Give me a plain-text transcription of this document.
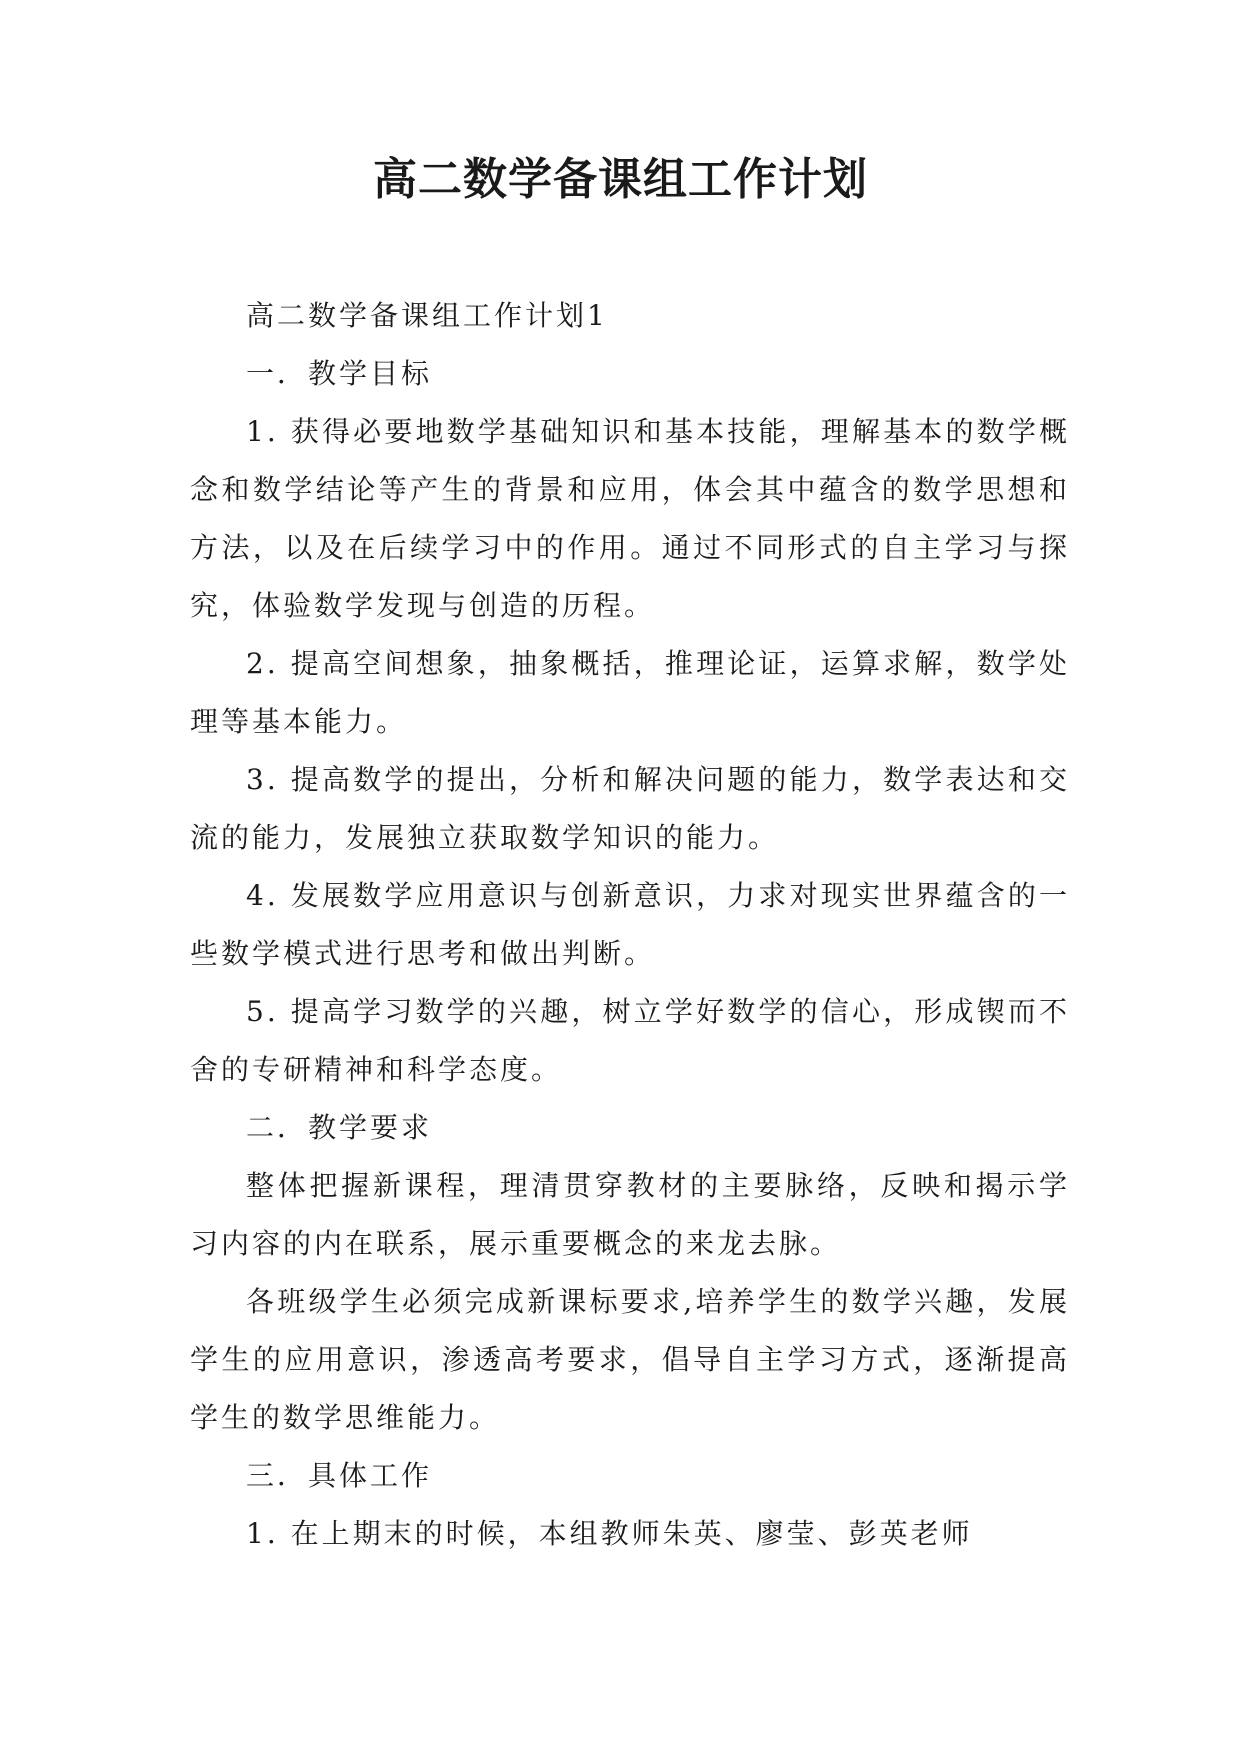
高二数学备课组工作计划

高二数学备课组工作计划1

一．教学目标

1. 获得必要地数学基础知识和基本技能，理解基本的数学概念和数学结论等产生的背景和应用，体会其中蕴含的数学思想和方法，以及在后续学习中的作用。通过不同形式的自主学习与探究，体验数学发现与创造的历程。

2. 提高空间想象，抽象概括，推理论证，运算求解，数学处理等基本能力。

3. 提高数学的提出，分析和解决问题的能力，数学表达和交流的能力，发展独立获取数学知识的能力。

4. 发展数学应用意识与创新意识，力求对现实世界蕴含的一些数学模式进行思考和做出判断。

5. 提高学习数学的兴趣，树立学好数学的信心，形成锲而不舍的专研精神和科学态度。

二．教学要求

整体把握新课程，理清贯穿教材的主要脉络，反映和揭示学习内容的内在联系，展示重要概念的来龙去脉。

各班级学生必须完成新课标要求,培养学生的数学兴趣，发展学生的应用意识，渗透高考要求，倡导自主学习方式，逐渐提高学生的数学思维能力。

三．具体工作

1. 在上期末的时候，本组教师朱英、廖莹、彭英老师
